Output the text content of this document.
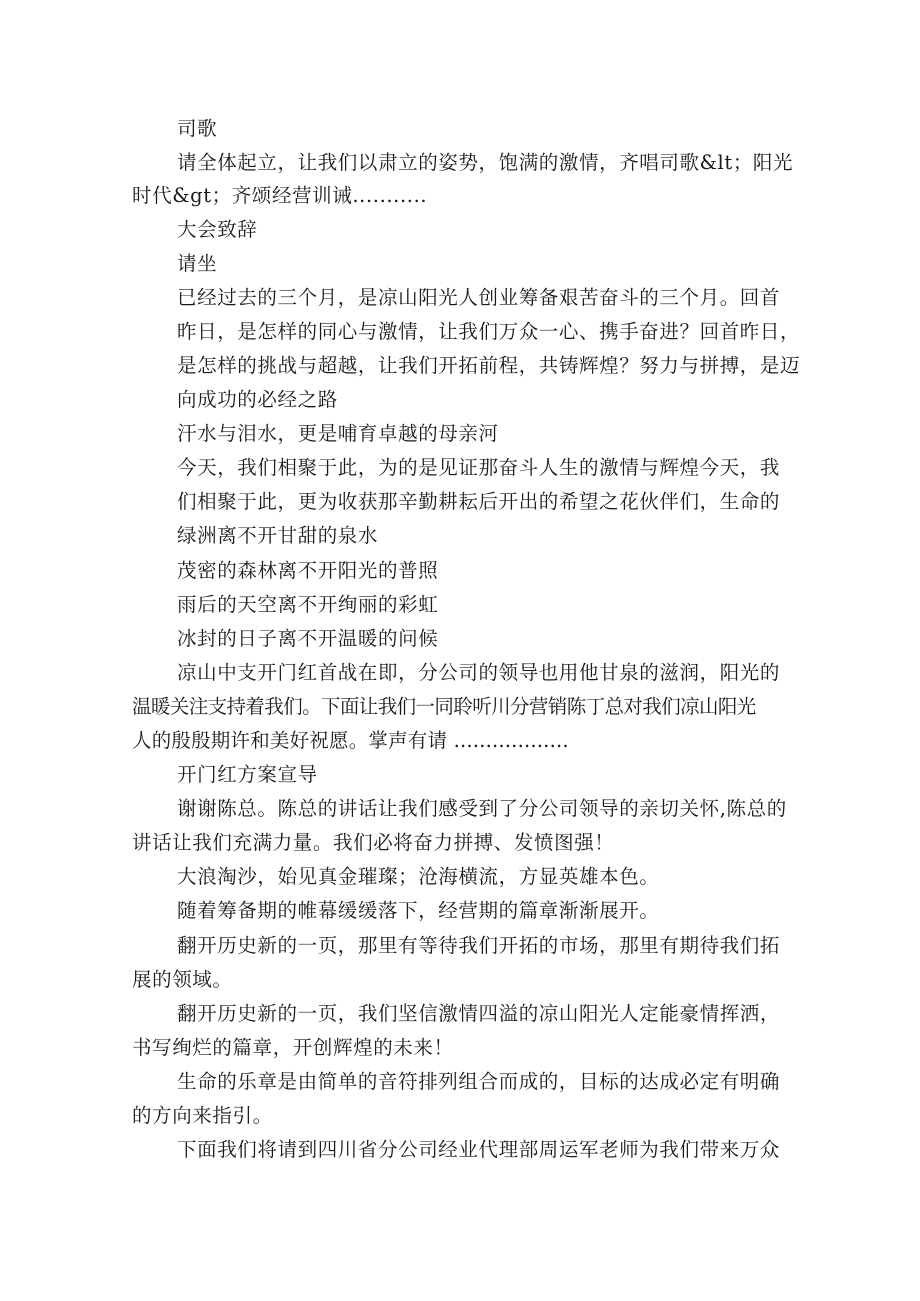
司歌
请全体起立，让我们以肃立的姿势，饱满的激情，齐唱司歌&lt；阳光
时代&gt；齐颂经营训诫...........
大会致辞
请坐
已经过去的三个月，是凉山阳光人创业筹备艰苦奋斗的三个月。回首
昨日，是怎样的同心与激情，让我们万众一心、携手奋进？回首昨日，
是怎样的挑战与超越，让我们开拓前程，共铸辉煌？努力与拼搏，是迈
向成功的必经之路
汗水与泪水，更是哺育卓越的母亲河
今天，我们相聚于此，为的是见证那奋斗人生的激情与辉煌今天，我
们相聚于此，更为收获那辛勤耕耘后开出的希望之花伙伴们，生命的
绿洲离不开甘甜的泉水
茂密的森林离不开阳光的普照
雨后的天空离不开绚丽的彩虹
冰封的日子离不开温暖的问候
凉山中支开门红首战在即，分公司的领导也用他甘泉的滋润，阳光的
温暖关注支持着我们。下面让我们一同聆听川分营销陈丁总对我们凉山阳光
人的殷殷期许和美好祝愿。掌声有请 ..................
开门红方案宣导
谢谢陈总。陈总的讲话让我们感受到了分公司领导的亲切关怀,陈总的
讲话让我们充满力量。我们必将奋力拼搏、发愤图强！
大浪淘沙，始见真金璀璨；沧海横流，方显英雄本色。
随着筹备期的帷幕缓缓落下，经营期的篇章渐渐展开。
翻开历史新的一页，那里有等待我们开拓的市场，那里有期待我们拓
展的领域。
翻开历史新的一页，我们坚信激情四溢的凉山阳光人定能豪情挥洒，
书写绚烂的篇章，开创辉煌的未来！
生命的乐章是由简单的音符排列组合而成的，目标的达成必定有明确
的方向来指引。
下面我们将请到四川省分公司经业代理部周运军老师为我们带来万众
